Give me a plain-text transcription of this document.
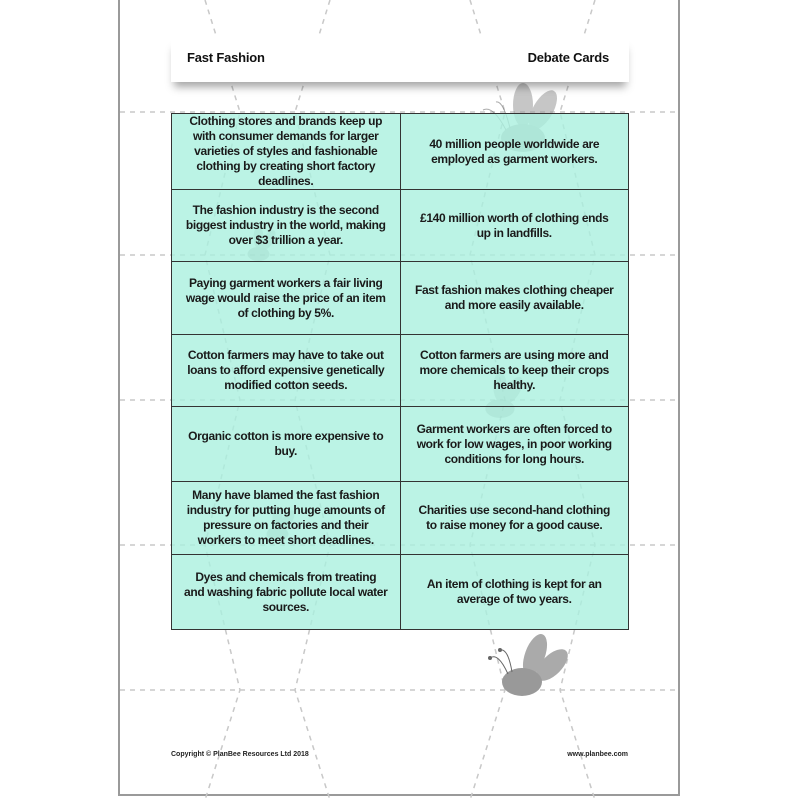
Fast Fashion	Debate Cards
Clothing stores and brands keep up with consumer demands for larger varieties of styles and fashionable clothing by creating short factory deadlines.	40 million people worldwide are employed as garment workers.
The fashion industry is the second biggest industry in the world, making over $3 trillion a year.	£140 million worth of clothing ends up in landfills.
Paying garment workers a fair living wage would raise the price of an item of clothing by 5%.	Fast fashion makes clothing cheaper and more easily available.
Cotton farmers may have to take out loans to afford expensive genetically modified cotton seeds.	Cotton farmers are using more and more chemicals to keep their crops healthy.
Organic cotton is more expensive to buy.	Garment workers are often forced to work for low wages, in poor working conditions for long hours.
Many have blamed the fast fashion industry for putting huge amounts of pressure on factories and their workers to meet short deadlines.	Charities use second-hand clothing to raise money for a good cause.
Dyes and chemicals from treating and washing fabric pollute local water sources.	An item of clothing is kept for an average of two years.
Copyright © PlanBee Resources Ltd 2018	www.planbee.com
